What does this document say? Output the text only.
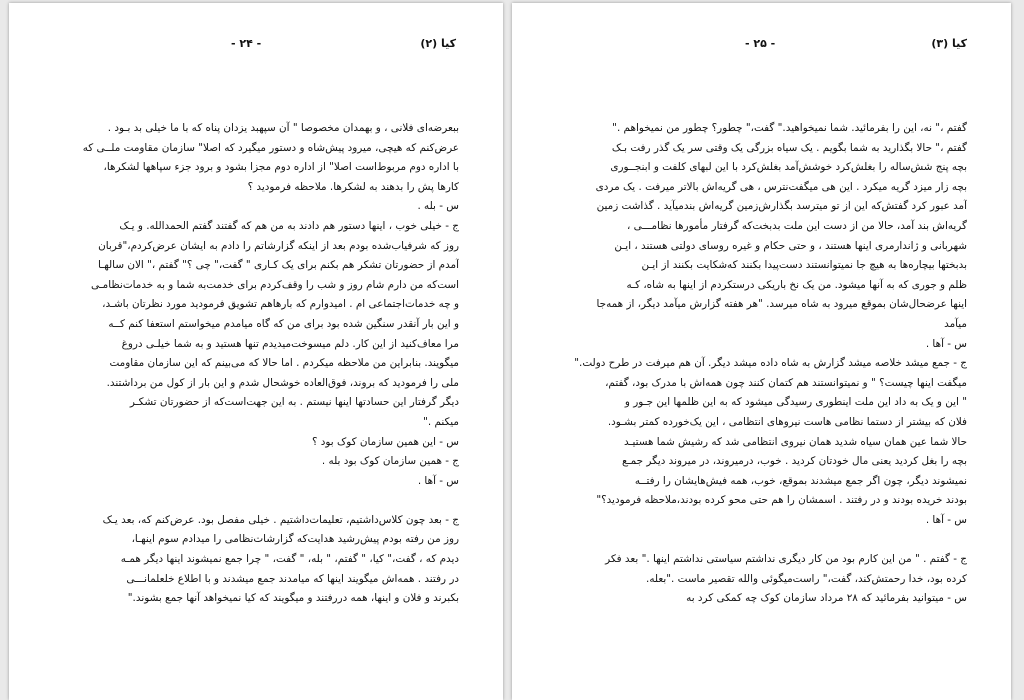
- ۲۴ -	کیا (۲)
ببعرضه‌ای فلانی ، و بهمدان مخصوصا " آن سپهبد یزدان پناه که با ما خیلی بد بـود .
عرض‌کنم که هیچی، میرود پیش‌شاه و دستور میگیرد که اصلا" سازمان مقاومت ملــی که
با اداره دوم مربوط‌است اصلا" از اداره دوم مجزا بشود و برود جزء سپاهها لشکرها،
کارها پش را بدهند به لشکرها. ملاحظه فرمودید ؟
س - بله .
ج - خیلی خوب ، اینها دستور هم دادند به من هم که گفتند گفتم الحمدالله. و یـک
روز که شرفیاب‌شده بودم بعد از اینکه گزارشاتم را دادم به ایشان عرض‌کردم،"قربان
آمدم از حضورتان تشکر هم بکنم برای یک کـاری " گفت،" چی ؟" گفتم ،" الان سالهـا
است‌که من دارم شام روز و شب را وقف‌کردم برای خدمت‌به شما و به خدمات‌نظامـی
و چه خدمات‌اجتماعی ام . امیدوارم که بارها‌هم تشویق فرمودید مورد نظرتان باشـد،
و این بار آنقدر سنگین شده بود برای من که گاه میامدم میخواستم استعفا کنم کــه
مرا معاف‌کنید از این کار. دلم میسوخت‌میدیدم تنها هستید و به شما خیلـی دروغ
میگویند. بنابراین من ملاحظه میکردم . اما حالا که می‌بینم که این سازمان مقاومت
ملی را فرمودید که بروند، فوق‌العاده خوشحال شدم و این بار از کول من برداشتند.
دیگر گرفتار این حسادتها اینها نیستم . به این جهت‌است‌که از حضورتان تشکـر
میکنم ."
س - این همین سازمان کوک بود ؟
ج - همین سازمان کوک بود بله .
س - آها .
ج - بعد چون کلاس‌داشتیم، تعلیمات‌داشتیم . خیلی مفصل بود. عرض‌کنم که، بعد یـک
روز من رفته بودم پیش‌رشید هدایت‌که گزارشات‌نظامی را میدادم سوم اینهـا،
دیدم که ، گفت،" کیا، " گفتم، " بله، " گفت، " چرا جمع نمیشوند اینها دیگر همـه
در رفتند . همه‌اش میگویند اینها که میامدند جمع میشدند و با اطلاع خلعلمانـــی
بکبرند و فلان و اینها، همه دررفتند و میگویند که کیا نمیخواهد آنها جمع بشوند."
- ۲۵ -	کیا (۳)
گفتم ،" نه، این را بفرمائید. شما نمیخواهید." گفت،" چطور؟ چطور من نمیخواهم ."
گفتم ،" حالا بگذارید به شما بگویم . یک سیاه بزرگی یک وقتی سر یک گذر رفت بـک
بچه پنج‌ شش‌ساله را بغلش‌کرد خوشش‌آمد بغلش‌کرد با این لبهای کلفت‌ و ابنجــوری
بچه زار میزد گریه میکرد . این هی میگفت‌نترس ، هی گریه‌اش بالاتر میرفت . یک مردی
آمد عبور کرد گفتش‌که این از تو میترسد بگذارش‌زمین گریه‌اش بندمیآید . گذاشت زمین
گریه‌اش بند آمد، حالا من از دست این ملت بدبخت‌که گرفتار مأمورها نظامـــی ،
شهربانی و ژاندارمری اینها هستند ، و حتی حکام و غیره روسای دولتی هستند ، ایـن
بدبختها بیچاره‌ها به هیچ جا نمیتوانستند دست‌پیدا بکنند که‌شکایت بکنند از ایـن
ظلم و جوری که به آنها میشود. من یک نخ باریکی درستکردم از اینها به شاه، کـه
اینها عرضحال‌شان بموقع میرود به شاه میرسد. "هر هفته گزارش میآمد دیگر، از همه‌جا
میآمد
س - آها .
ج - جمع میشد خلاصه میشد گزارش به شاه داده میشد دیگر. آن هم میرفت در طرح دولت."
میگفت اینها چیست؟ " و نمیتوانستند هم کتمان کنند چون همه‌اش با مدرک بود، گفتم،
" این و یک به داد این ملت اینطوری رسیدگی میشود که به‌ این ظلمها این جـور و
فلان که بیشتر از دستما نظامی هاست نیروهای انتظامی ، این یک‌خورده کمتر بشـود.
حالا شما عین همان سیاه شدید همان نیروی انتظامی شد که رشیش‌ شما هستیـد
بچه را بغل کردید یعنی مال خودتان کردید . خوب، درمیروند، در میروند دیگر جمـع
نمیشوند دیگر، چون اگر جمع میشدند بموقع، خوب، همه فیش‌هایشان را رفتــه
بودند خریده بودند و در رفتند . اسمشان را هم حتی محو کرده بودند،ملاحظه فرمودید؟"
س - آها .
ج - گفتم . " من این کارم بود من کار دیگری نداشتم سیاستی نداشتم اینها ." بعد فکر
کرده بود، خدا رحمتش‌کند، گفت،" راست‌میگوئی والله تقصیر ماست ."بعله.
س - میتوانید بفرمائید که ۲۸ مرداد سازمان کوک چه کمکی کرد به
